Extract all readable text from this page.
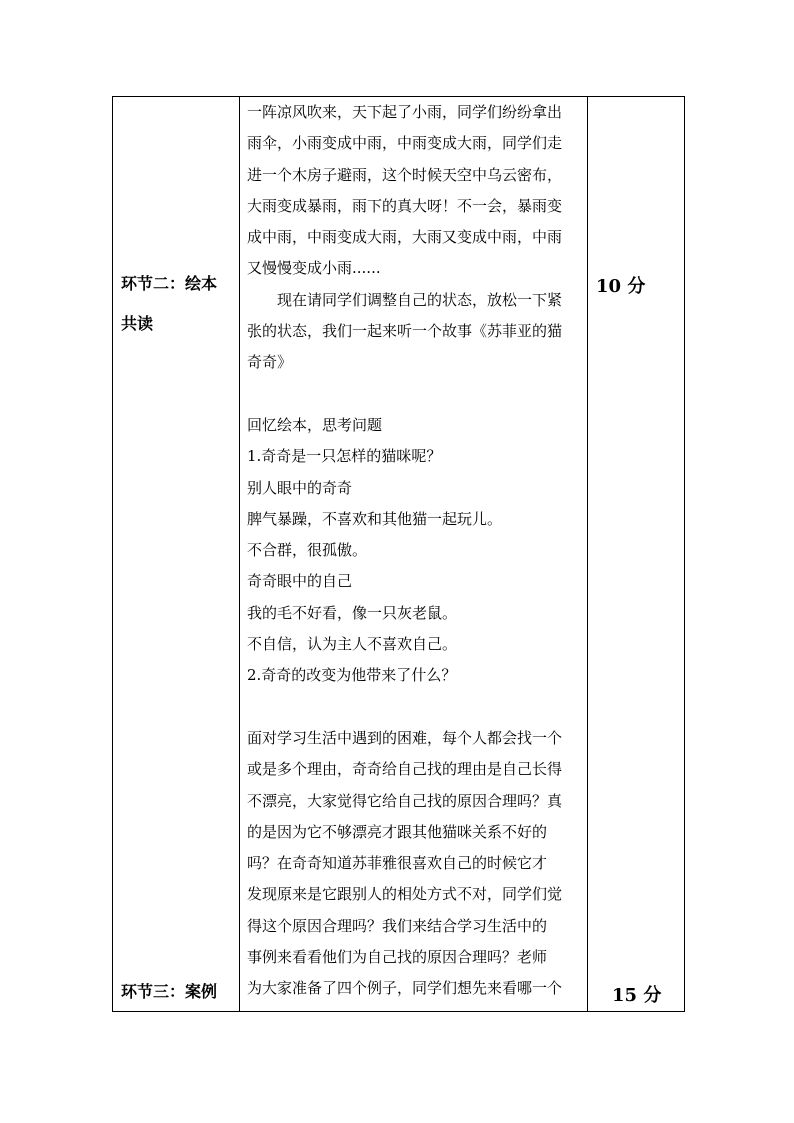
环节二：绘本
共读
10 分
环节三：案例	15 分

一阵凉风吹来，天下起了小雨，同学们纷纷拿出

雨伞，小雨变成中雨，中雨变成大雨，同学们走

进一个木房子避雨，这个时候天空中乌云密布，

大雨变成暴雨，雨下的真大呀！不一会，暴雨变

成中雨，中雨变成大雨，大雨又变成中雨，中雨

又慢慢变成小雨......

现在请同学们调整自己的状态，放松一下紧

张的状态，我们一起来听一个故事《苏菲亚的猫

奇奇》

回忆绘本，思考问题

1.奇奇是一只怎样的猫咪呢？

别人眼中的奇奇

脾气暴躁，不喜欢和其他猫一起玩儿。

不合群，很孤傲。

奇奇眼中的自己

我的毛不好看，像一只灰老鼠。

不自信，认为主人不喜欢自己。

2.奇奇的改变为他带来了什么？

面对学习生活中遇到的困难，每个人都会找一个

或是多个理由，奇奇给自己找的理由是自己长得

不漂亮，大家觉得它给自己找的原因合理吗？真

的是因为它不够漂亮才跟其他猫咪关系不好的

吗？在奇奇知道苏菲雅很喜欢自己的时候它才

发现原来是它跟别人的相处方式不对，同学们觉

得这个原因合理吗？我们来结合学习生活中的

事例来看看他们为自己找的原因合理吗？老师

为大家准备了四个例子，同学们想先来看哪一个
